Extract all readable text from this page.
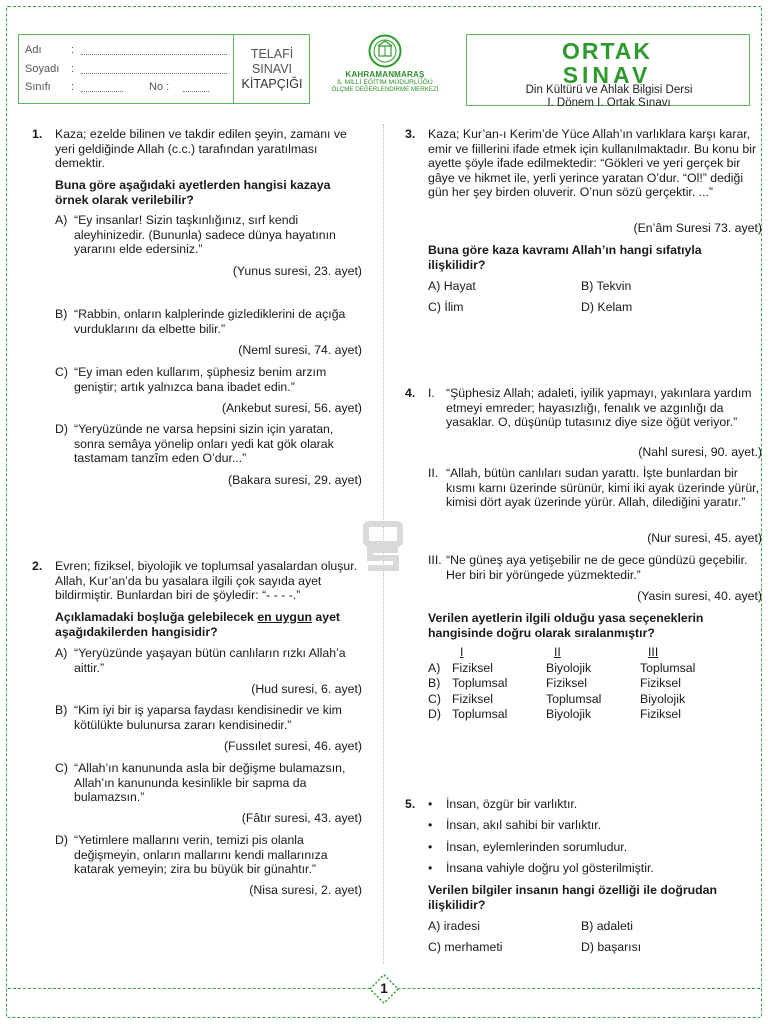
Adı	:
Soyadı	:
Sınıfı	:	No :
TELAFİ
SINAVI
KİTAPÇIĞI
KAHRAMANMARAŞ
İL MİLLİ EĞİTİM MÜDÜRLÜĞÜ
ÖLÇME DEĞERLENDİRME MERKEZİ
ORTAK
SINAV
Din Kültürü ve Ahlak Bilgisi Dersi
I. Dönem I. Ortak Sınavı
1. Kaza; ezelde bilinen ve takdir edilen şeyin, zamanı ve yeri geldiğinde Allah (c.c.) tarafından yaratılması demektir.
Buna göre aşağıdaki ayetlerden hangisi kazaya örnek olarak verilebilir?
A) “Ey insanlar! Sizin taşkınlığınız, sırf kendi aleyhinizedir. (Bununla) sadece dünya hayatının yararını elde edersiniz.”
(Yunus suresi, 23. ayet)
B) “Rabbin, onların kalplerinde gizlediklerini de açığa vurduklarını da elbette bilir.”
(Neml suresi, 74. ayet)
C) “Ey iman eden kullarım, şüphesiz benim arzım geniştir; artık yalnızca bana ibadet edin.”
(Ankebut suresi, 56. ayet)
D) “Yeryüzünde ne varsa hepsini sizin için yaratan, sonra semâya yönelip onları yedi kat gök olarak tastamam tanzîm eden O’dur...”
(Bakara suresi, 29. ayet)
2. Evren; fiziksel, biyolojik ve toplumsal yasalardan oluşur. Allah, Kur’an’da bu yasalara ilgili çok sayıda ayet bildirmiştir. Bunlardan biri de şöyledir: “- - - -.”
Açıklamadaki boşluğa gelebilecek en uygun ayet aşağıdakilerden hangisidir?
A) “Yeryüzünde yaşayan bütün canlıların rızkı Allah’a aittir.”
(Hud suresi, 6. ayet)
B) “Kim iyi bir iş yaparsa faydası kendisinedir ve kim kötülükte bulunursa zararı kendisinedir.”
(Fussılet suresi, 46. ayet)
C) “Allah’ın kanununda asla bir değişme bulamazsın, Allah’ın kanununda kesinlikle bir sapma da bulamazsın.”
(Fâtır suresi, 43. ayet)
D) “Yetimlere mallarını verin, temizi pis olanla değişmeyin, onların mallarını kendi mallarınıza katarak yemeyin; zira bu büyük bir günahtır.”
(Nisa suresi, 2. ayet)
3. Kaza; Kur’an-ı Kerim’de Yüce Allah’ın varlıklara karşı karar, emir ve fiillerini ifade etmek için kullanılmaktadır. Bu konu bir ayette şöyle ifade edilmektedir: “Gökleri ve yeri gerçek bir gâye ve hikmet ile, yerli yerince yaratan O’dur. “Ol!” dediği gün her şey birden oluverir. O’nun sözü gerçektir. ...”
(En’âm Suresi 73. ayet)
Buna göre kaza kavramı Allah’ın hangi sıfatıyla ilişkilidir?
A) Hayat	B) Tekvin
C) İlim	D) Kelam
4. I. “Şüphesiz Allah; adaleti, iyilik yapmayı, yakınlara yardım etmeyi emreder; hayasızlığı, fenalık ve azgınlığı da yasaklar. O, düşünüp tutasınız diye size öğüt veriyor.”
(Nahl suresi, 90. ayet.)
II. “Allah, bütün canlıları sudan yarattı. İşte bunlardan bir kısmı karnı üzerinde sürünür, kimi iki ayak üzerinde yürür, kimisi dört ayak üzerinde yürür. Allah, dilediğini yaratır.”
(Nur suresi, 45. ayet)
III. “Ne güneş aya yetişebilir ne de gece gündüzü geçebilir. Her biri bir yörüngede yüzmektedir.”
(Yasin suresi, 40. ayet)
Verilen ayetlerin ilgili olduğu yasa seçeneklerin hangisinde doğru olarak sıralanmıştır?
	I	II	III
A)	Fiziksel	Biyolojik	Toplumsal
B)	Toplumsal	Fiziksel	Fiziksel
C)	Fiziksel	Toplumsal	Biyolojik
D)	Toplumsal	Biyolojik	Fiziksel
5. • İnsan, özgür bir varlıktır.
• İnsan, akıl sahibi bir varlıktır.
• İnsan, eylemlerinden sorumludur.
• İnsana vahiyle doğru yol gösterilmiştir.
Verilen bilgiler insanın hangi özelliği ile doğrudan ilişkilidir?
A) iradesi	B) adaleti
C) merhameti	D) başarısı
1
